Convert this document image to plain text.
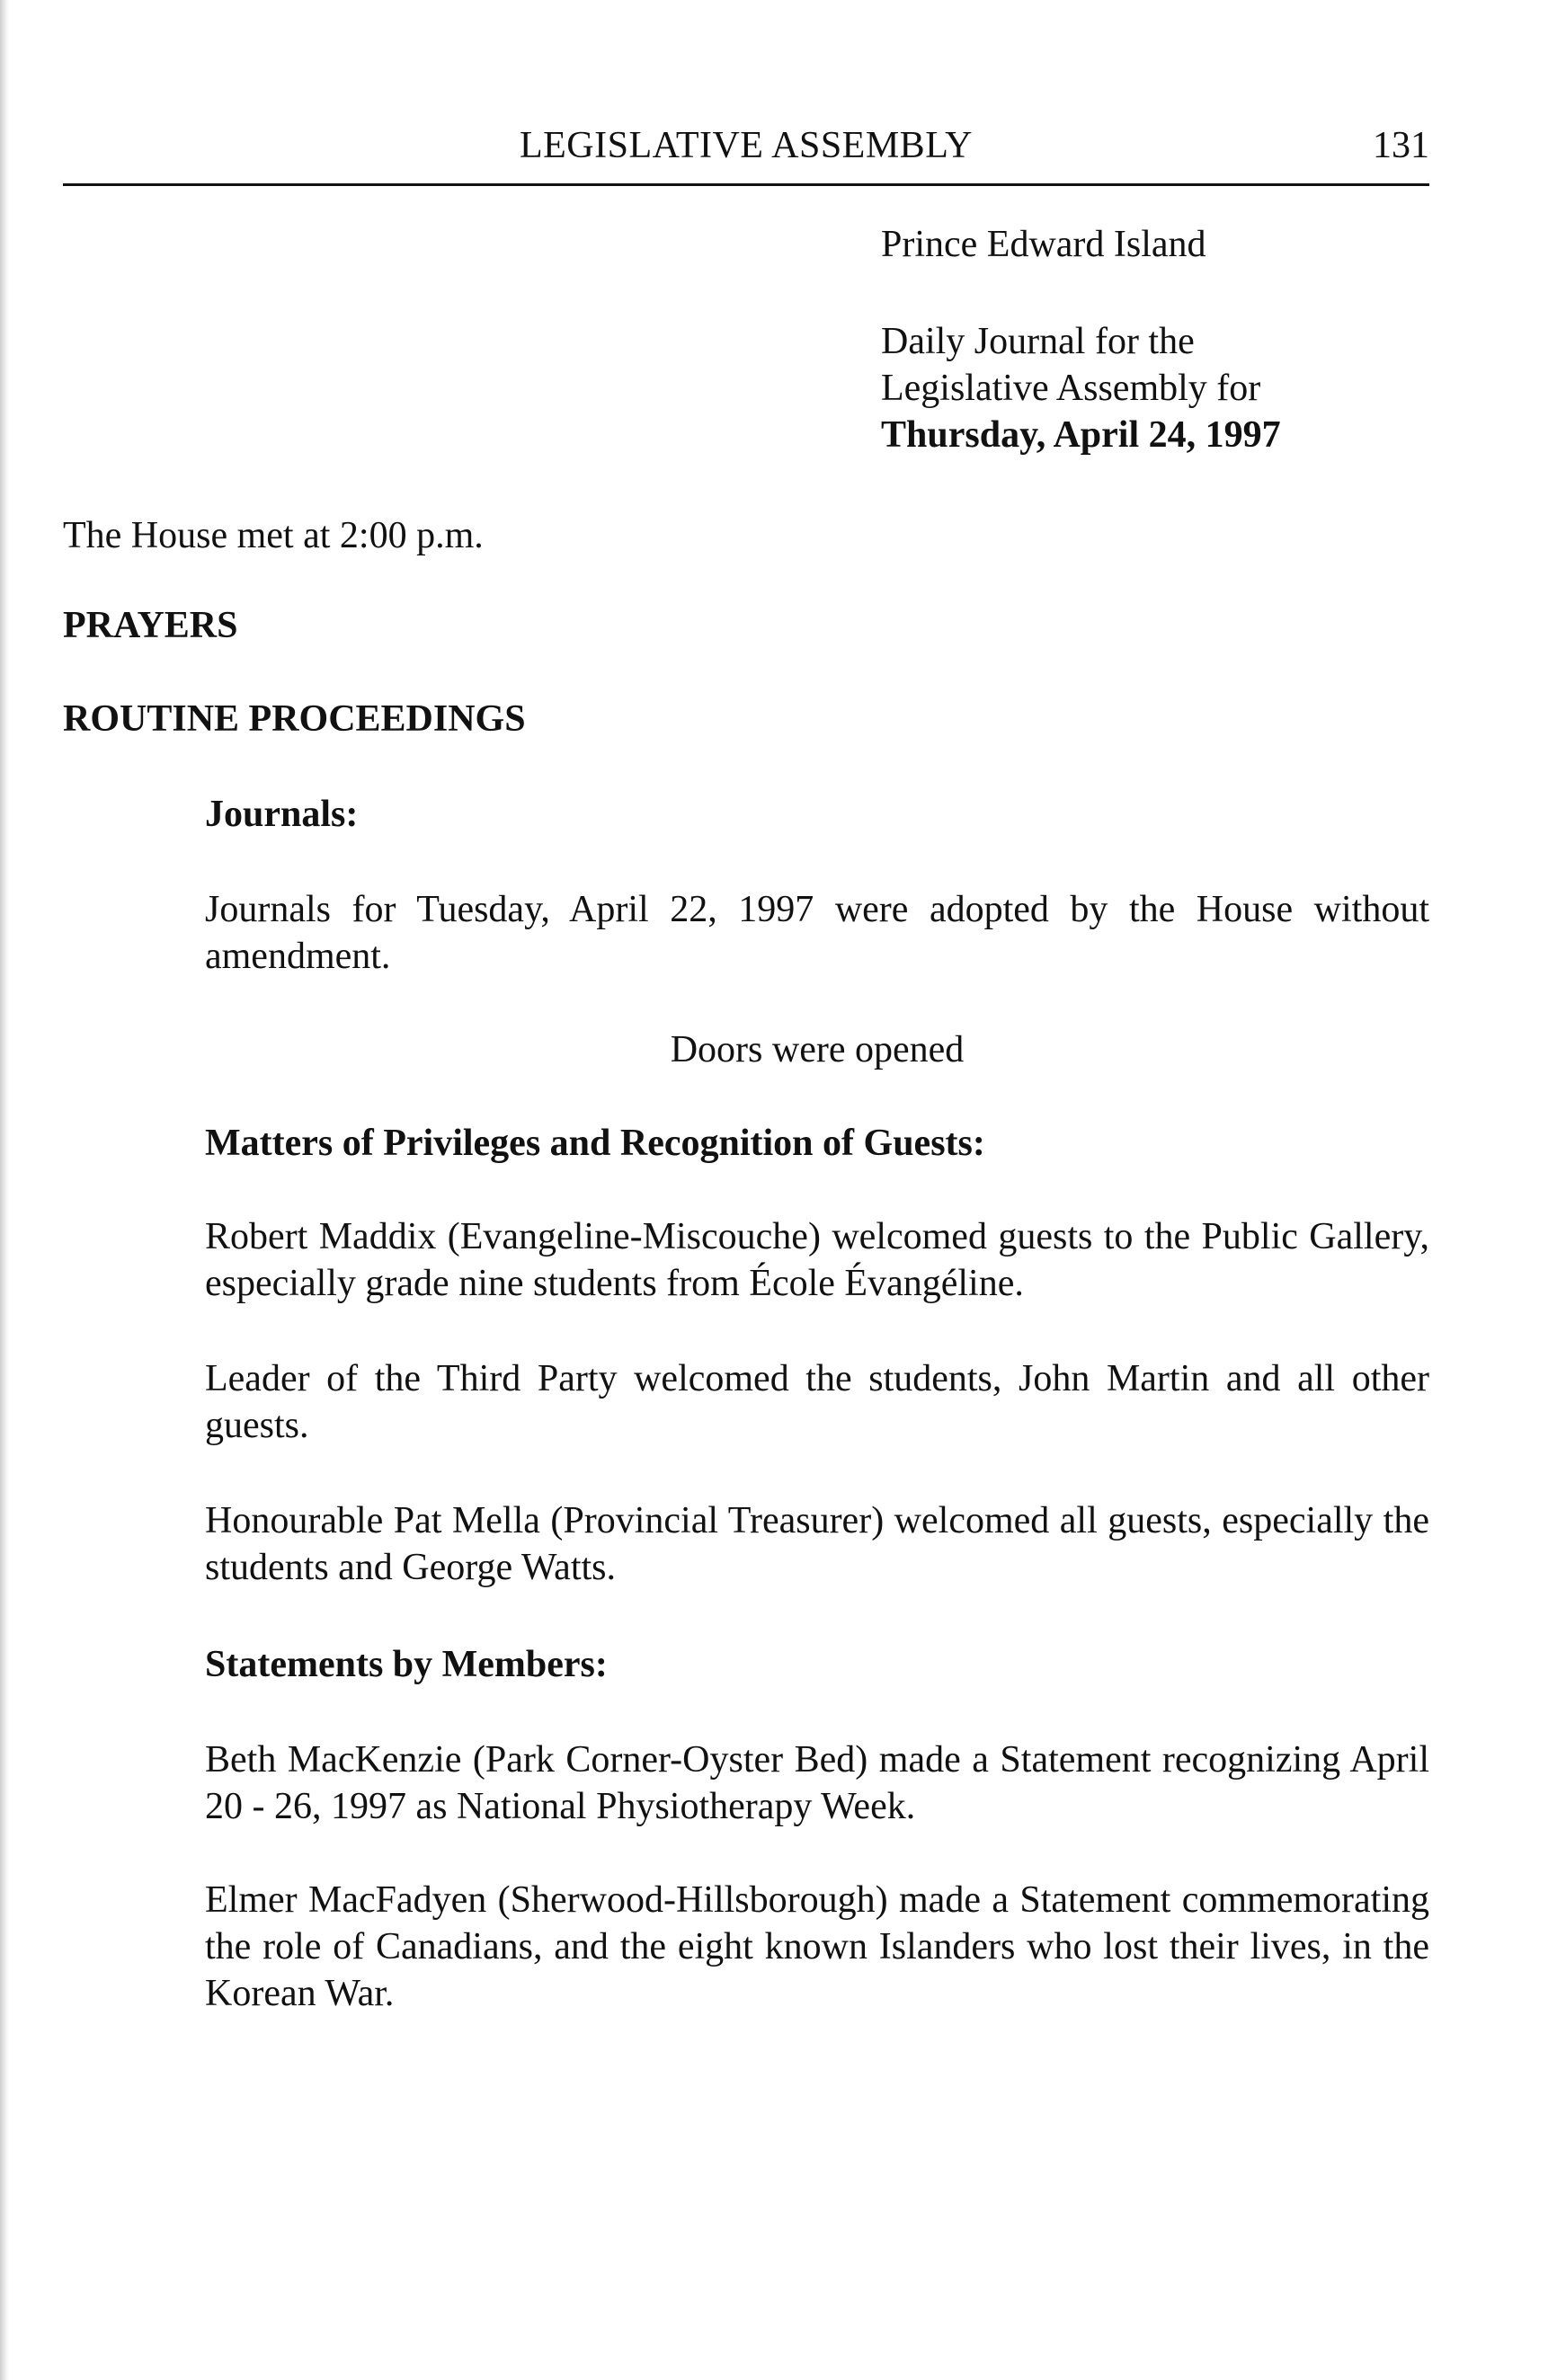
LEGISLATIVE ASSEMBLY	131
Prince Edward Island
Daily Journal for the
Legislative Assembly for
Thursday, April 24, 1997
The House met at 2:00 p.m.
PRAYERS
ROUTINE PROCEEDINGS
Journals:
Journals for Tuesday, April 22, 1997 were adopted by the House without amendment.
Doors were opened
Matters of Privileges and Recognition of Guests:
Robert Maddix (Evangeline-Miscouche) welcomed guests to the Public Gallery, especially grade nine students from École Évangéline.
Leader of the Third Party welcomed the students, John Martin and all other guests.
Honourable Pat Mella (Provincial Treasurer) welcomed all guests, especially the students and George Watts.
Statements by Members:
Beth MacKenzie (Park Corner-Oyster Bed) made a Statement recognizing April 20 - 26, 1997 as National Physiotherapy Week.
Elmer MacFadyen (Sherwood-Hillsborough) made a Statement commemorating the role of Canadians, and the eight known Islanders who lost their lives, in the Korean War.
